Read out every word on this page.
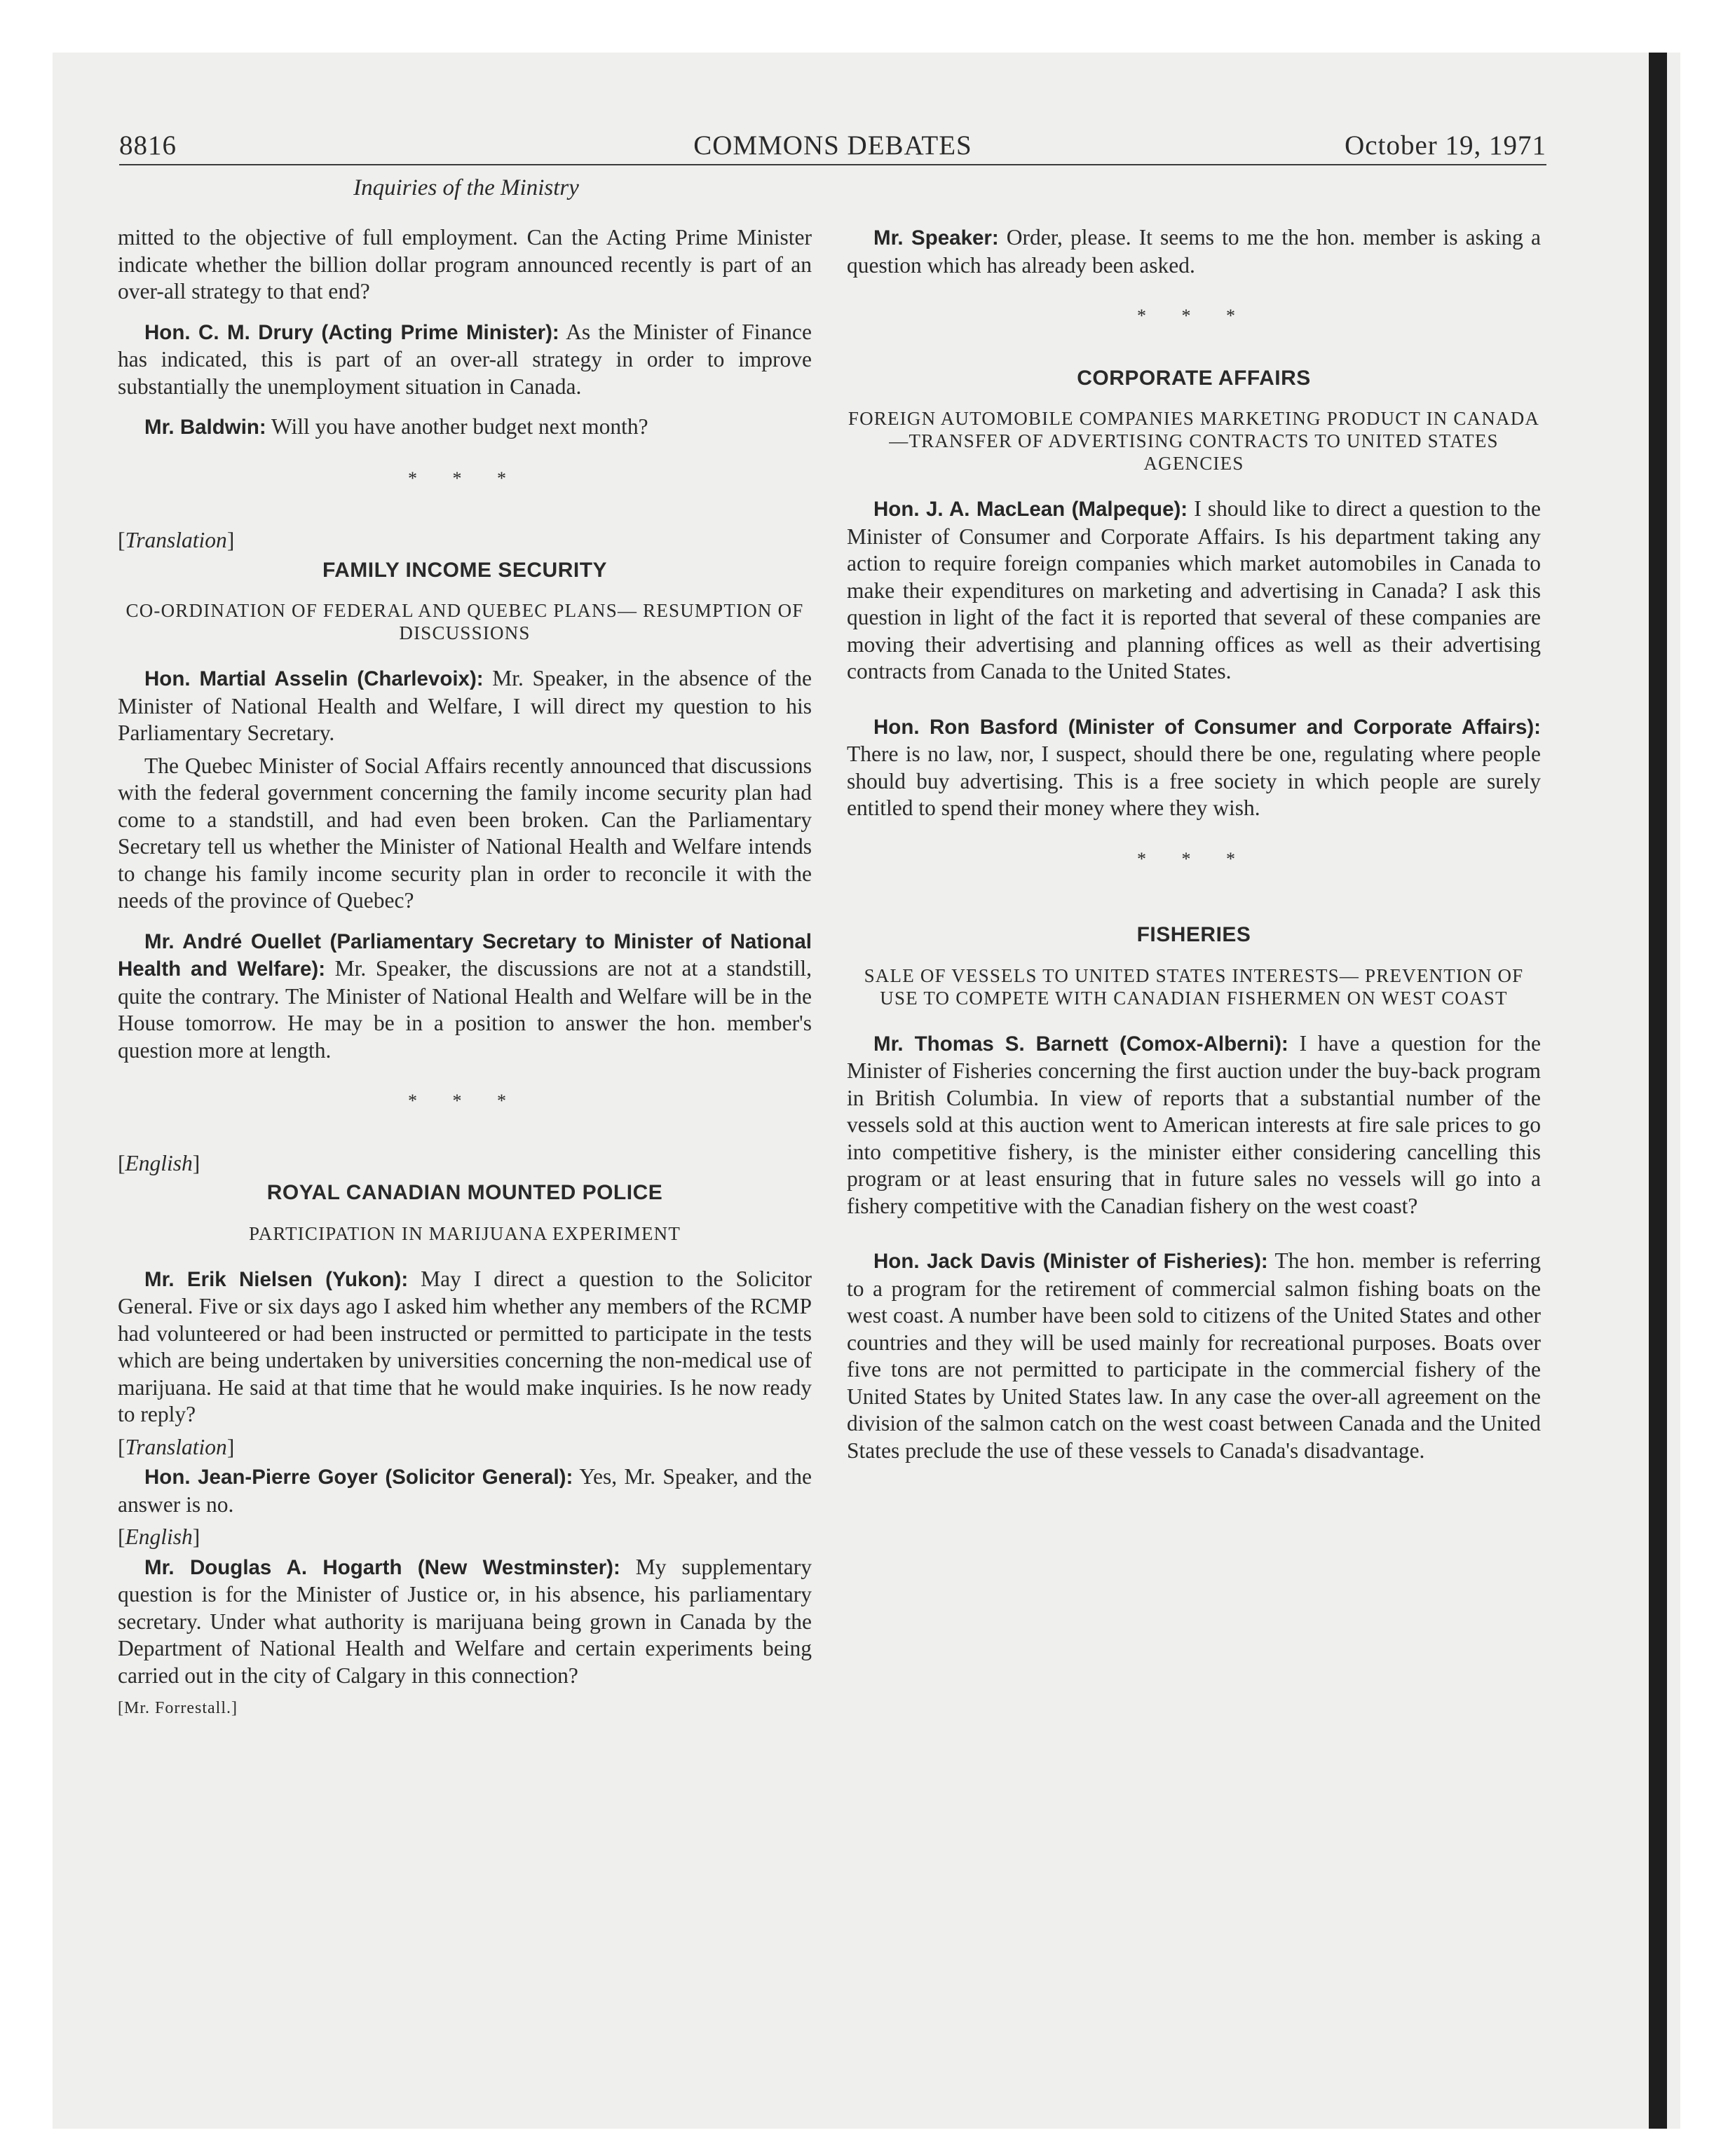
8816	COMMONS DEBATES	October 19, 1971
Inquiries of the Ministry

mitted to the objective of full employment. Can the Acting Prime Minister indicate whether the billion dollar program announced recently is part of an over-all strategy to that end?

Hon. C. M. Drury (Acting Prime Minister): As the Minister of Finance has indicated, this is part of an over-all strategy in order to improve substantially the unemployment situation in Canada.

Mr. Baldwin: Will you have another budget next month?

* * *
[Translation]
FAMILY INCOME SECURITY
CO-ORDINATION OF FEDERAL AND QUEBEC PLANS— RESUMPTION OF DISCUSSIONS

Hon. Martial Asselin (Charlevoix): Mr. Speaker, in the absence of the Minister of National Health and Welfare, I will direct my question to his Parliamentary Secretary.

The Quebec Minister of Social Affairs recently announced that discussions with the federal government concerning the family income security plan had come to a standstill, and had even been broken. Can the Parliamentary Secretary tell us whether the Minister of National Health and Welfare intends to change his family income security plan in order to reconcile it with the needs of the province of Quebec?

Mr. André Ouellet (Parliamentary Secretary to Minister of National Health and Welfare): Mr. Speaker, the discussions are not at a standstill, quite the contrary. The Minister of National Health and Welfare will be in the House tomorrow. He may be in a position to answer the hon. member's question more at length.

* * *
[English]
ROYAL CANADIAN MOUNTED POLICE
PARTICIPATION IN MARIJUANA EXPERIMENT

Mr. Erik Nielsen (Yukon): May I direct a question to the Solicitor General. Five or six days ago I asked him whether any members of the RCMP had volunteered or had been instructed or permitted to participate in the tests which are being undertaken by universities concerning the non-medical use of marijuana. He said at that time that he would make inquiries. Is he now ready to reply?

[Translation]

Hon. Jean-Pierre Goyer (Solicitor General): Yes, Mr. Speaker, and the answer is no.

[English]

Mr. Douglas A. Hogarth (New Westminster): My supplementary question is for the Minister of Justice or, in his absence, his parliamentary secretary. Under what authority is marijuana being grown in Canada by the Department of National Health and Welfare and certain experiments being carried out in the city of Calgary in this connection?

[Mr. Forrestall.]

Mr. Speaker: Order, please. It seems to me the hon. member is asking a question which has already been asked.

* * *
CORPORATE AFFAIRS
FOREIGN AUTOMOBILE COMPANIES MARKETING PRODUCT IN CANADA—TRANSFER OF ADVERTISING CONTRACTS TO UNITED STATES AGENCIES

Hon. J. A. MacLean (Malpeque): I should like to direct a question to the Minister of Consumer and Corporate Affairs. Is his department taking any action to require foreign companies which market automobiles in Canada to make their expenditures on marketing and advertising in Canada? I ask this question in light of the fact it is reported that several of these companies are moving their advertising and planning offices as well as their advertising contracts from Canada to the United States.

Hon. Ron Basford (Minister of Consumer and Corporate Affairs): There is no law, nor, I suspect, should there be one, regulating where people should buy advertising. This is a free society in which people are surely entitled to spend their money where they wish.

* * *
FISHERIES
SALE OF VESSELS TO UNITED STATES INTERESTS— PREVENTION OF USE TO COMPETE WITH CANADIAN FISHERMEN ON WEST COAST

Mr. Thomas S. Barnett (Comox-Alberni): I have a question for the Minister of Fisheries concerning the first auction under the buy-back program in British Columbia. In view of reports that a substantial number of the vessels sold at this auction went to American interests at fire sale prices to go into competitive fishery, is the minister either considering cancelling this program or at least ensuring that in future sales no vessels will go into a fishery competitive with the Canadian fishery on the west coast?

Hon. Jack Davis (Minister of Fisheries): The hon. member is referring to a program for the retirement of commercial salmon fishing boats on the west coast. A number have been sold to citizens of the United States and other countries and they will be used mainly for recreational purposes. Boats over five tons are not permitted to participate in the commercial fishery of the United States by United States law. In any case the over-all agreement on the division of the salmon catch on the west coast between Canada and the United States preclude the use of these vessels to Canada's disadvantage.
